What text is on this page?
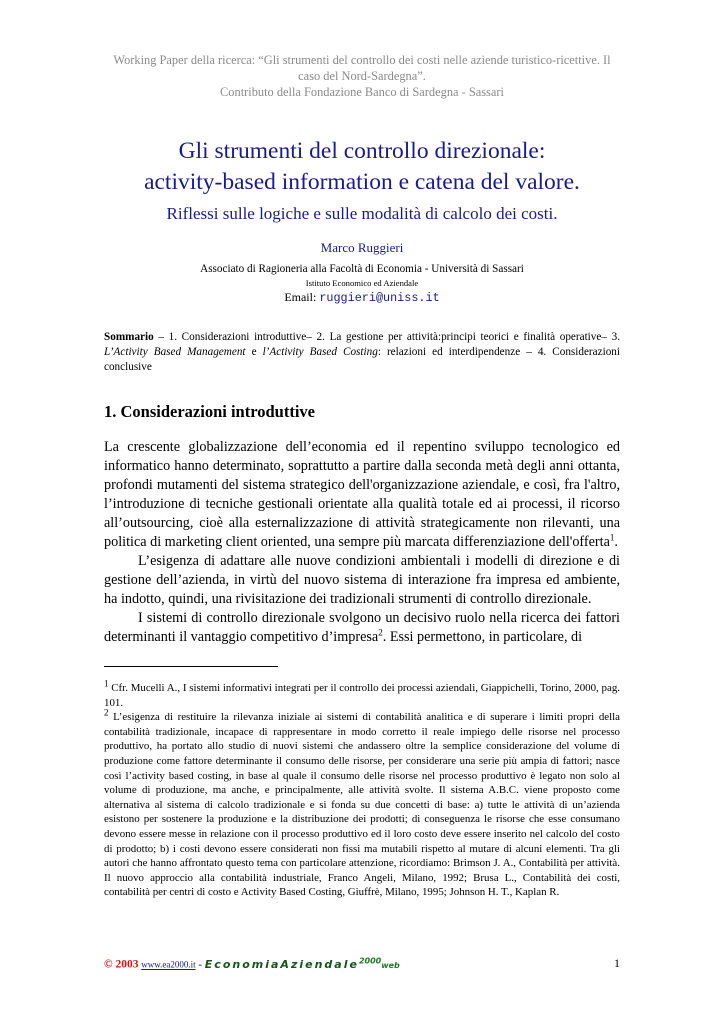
Working Paper della ricerca: “Gli strumenti del controllo dei costi nelle aziende turistico-ricettive. Il caso del Nord-Sardegna”.
Contributo della Fondazione Banco di Sardegna - Sassari
Gli strumenti del controllo direzionale:
activity-based information e catena del valore.
Riflessi sulle logiche e sulle modalità di calcolo dei costi.
Marco Ruggieri
Associato di Ragioneria alla Facoltà di Economia - Università di Sassari
Istituto Economico ed Aziendale
Email: ruggieri@uniss.it
Sommario – 1. Considerazioni introduttive– 2. La gestione per attività:principi teorici e finalità operative– 3. L’Activity Based Management e l’Activity Based Costing: relazioni ed interdipendenze – 4. Considerazioni conclusive
1. Considerazioni introduttive

La crescente globalizzazione dell’economia ed il repentino sviluppo tecnologico ed informatico hanno determinato, soprattutto a partire dalla seconda metà degli anni ottanta, profondi mutamenti del sistema strategico dell'organizzazione aziendale, e così, fra l'altro, l’introduzione di tecniche gestionali orientate alla qualità totale ed ai processi, il ricorso all’outsourcing, cioè alla esternalizzazione di attività strategicamente non rilevanti, una politica di marketing client oriented, una sempre più marcata differenziazione dell'offerta$^1$.

L’esigenza di adattare alle nuove condizioni ambientali i modelli di direzione e di gestione dell’azienda, in virtù del nuovo sistema di interazione fra impresa ed ambiente, ha indotto, quindi, una rivisitazione dei tradizionali strumenti di controllo direzionale.

I sistemi di controllo direzionale svolgono un decisivo ruolo nella ricerca dei fattori determinanti il vantaggio competitivo d’impresa$^2$. Essi permettono, in particolare, di

$^1$ Cfr. Mucelli A., I sistemi informativi integrati per il controllo dei processi aziendali, Giappichelli, Torino, 2000, pag. 101.

$^2$ L’esigenza di restituire la rilevanza iniziale ai sistemi di contabilità analitica e di superare i limiti propri della contabilità tradizionale, incapace di rappresentare in modo corretto il reale impiego delle risorse nel processo produttivo, ha portato allo studio di nuovi sistemi che andassero oltre la semplice considerazione del volume di produzione come fattore determinante il consumo delle risorse, per considerare una serie più ampia di fattori; nasce così l’activity based costing, in base al quale il consumo delle risorse nel processo produttivo è legato non solo al volume di produzione, ma anche, e principalmente, alle attività svolte. Il sistema A.B.C. viene proposto come alternativa al sistema di calcolo tradizionale e si fonda su due concetti di base: a) tutte le attività di un’azienda esistono per sostenere la produzione e la distribuzione dei prodotti; di conseguenza le risorse che esse consumano devono essere messe in relazione con il processo produttivo ed il loro costo deve essere inserito nel calcolo del costo di prodotto; b) i costi devono essere considerati non fissi ma mutabili rispetto al mutare di alcuni elementi. Tra gli autori che hanno affrontato questo tema con particolare attenzione, ricordiamo: Brimson J. A., Contabilità per attività. Il nuovo approccio alla contabilità industriale, Franco Angeli, Milano, 1992; Brusa L., Contabilità dei costi, contabilità per centri di costo e Activity Based Costing, Giuffrè, Milano, 1995; Johnson H. T., Kaplan R.

© 2003 www.ea2000.it - EconomiaAziendale$^{2000}$web	1
